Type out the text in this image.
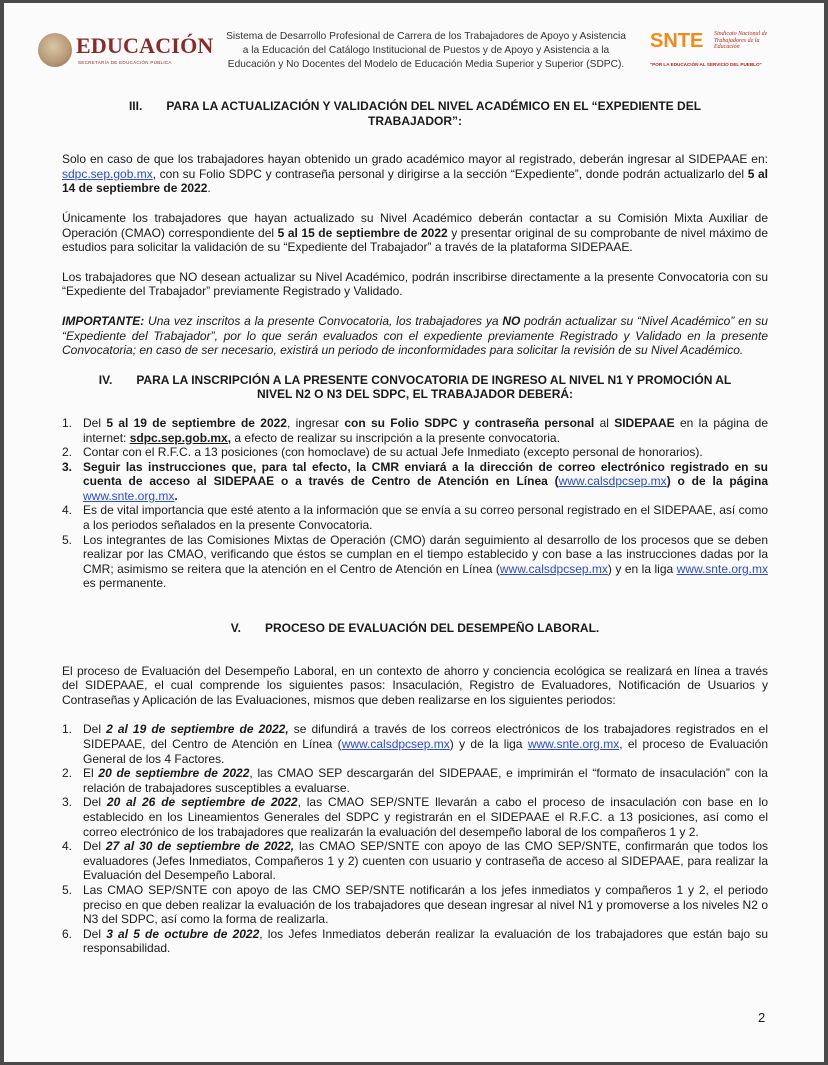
EDUCACIÓN
SECRETARÍA DE EDUCACIÓN PÚBLICA
Sistema de Desarrollo Profesional de Carrera de los Trabajadores de Apoyo y Asistencia
a la Educación del Catálogo Institucional de Puestos y de Apoyo y Asistencia a la
Educación y No Docentes del Modelo de Educación Media Superior y Superior (SDPC).
SNTE Sindicato Nacional de Trabajadores de la Educación
"POR LA EDUCACIÓN AL SERVICIO DEL PUEBLO"
III. PARA LA ACTUALIZACIÓN Y VALIDACIÓN DEL NIVEL ACADÉMICO EN EL “EXPEDIENTE DEL TRABAJADOR”:

Solo en caso de que los trabajadores hayan obtenido un grado académico mayor al registrado, deberán ingresar al SIDEPAAE en: sdpc.sep.gob.mx, con su Folio SDPC y contraseña personal y dirigirse a la sección “Expediente”, donde podrán actualizarlo del 5 al 14 de septiembre de 2022.

Únicamente los trabajadores que hayan actualizado su Nivel Académico deberán contactar a su Comisión Mixta Auxiliar de Operación (CMAO) correspondiente del 5 al 15 de septiembre de 2022 y presentar original de su comprobante de nivel máximo de estudios para solicitar la validación de su “Expediente del Trabajador” a través de la plataforma SIDEPAAE.

Los trabajadores que NO desean actualizar su Nivel Académico, podrán inscribirse directamente a la presente Convocatoria con su “Expediente del Trabajador” previamente Registrado y Validado.

IMPORTANTE: Una vez inscritos a la presente Convocatoria, los trabajadores ya NO podrán actualizar su “Nivel Académico” en su “Expediente del Trabajador”, por lo que serán evaluados con el expediente previamente Registrado y Validado en la presente Convocatoria; en caso de ser necesario, existirá un periodo de inconformidades para solicitar la revisión de su Nivel Académico.

IV. PARA LA INSCRIPCIÓN A LA PRESENTE CONVOCATORIA DE INGRESO AL NIVEL N1 Y PROMOCIÓN AL NIVEL N2 O N3 DEL SDPC, EL TRABAJADOR DEBERÁ:
1. Del 5 al 19 de septiembre de 2022, ingresar con su Folio SDPC y contraseña personal al SIDEPAAE en la página de internet: sdpc.sep.gob.mx, a efecto de realizar su inscripción a la presente convocatoria.
2. Contar con el R.F.C. a 13 posiciones (con homoclave) de su actual Jefe Inmediato (excepto personal de honorarios).
3. Seguir las instrucciones que, para tal efecto, la CMR enviará a la dirección de correo electrónico registrado en su cuenta de acceso al SIDEPAAE o a través de Centro de Atención en Línea (www.calsdpcsep.mx) o de la página www.snte.org.mx.
4. Es de vital importancia que esté atento a la información que se envía a su correo personal registrado en el SIDEPAAE, así como a los periodos señalados en la presente Convocatoria.
5. Los integrantes de las Comisiones Mixtas de Operación (CMO) darán seguimiento al desarrollo de los procesos que se deben realizar por las CMAO, verificando que éstos se cumplan en el tiempo establecido y con base a las instrucciones dadas por la CMR; asimismo se reitera que la atención en el Centro de Atención en Línea (www.calsdpcsep.mx) y en la liga www.snte.org.mx es permanente.
V. PROCESO DE EVALUACIÓN DEL DESEMPEÑO LABORAL.

El proceso de Evaluación del Desempeño Laboral, en un contexto de ahorro y conciencia ecológica se realizará en línea a través del SIDEPAAE, el cual comprende los siguientes pasos: Insaculación, Registro de Evaluadores, Notificación de Usuarios y Contraseñas y Aplicación de las Evaluaciones, mismos que deben realizarse en los siguientes periodos:

1. Del 2 al 19 de septiembre de 2022, se difundirá a través de los correos electrónicos de los trabajadores registrados en el SIDEPAAE, del Centro de Atención en Línea (www.calsdpcsep.mx) y de la liga www.snte.org.mx, el proceso de Evaluación General de los 4 Factores.
2. El 20 de septiembre de 2022, las CMAO SEP descargarán del SIDEPAAE, e imprimirán el “formato de insaculación” con la relación de trabajadores susceptibles a evaluarse.
3. Del 20 al 26 de septiembre de 2022, las CMAO SEP/SNTE llevarán a cabo el proceso de insaculación con base en lo establecido en los Lineamientos Generales del SDPC y registrarán en el SIDEPAAE el R.F.C. a 13 posiciones, así como el correo electrónico de los trabajadores que realizarán la evaluación del desempeño laboral de los compañeros 1 y 2.
4. Del 27 al 30 de septiembre de 2022, las CMAO SEP/SNTE con apoyo de las CMO SEP/SNTE, confirmarán que todos los evaluadores (Jefes Inmediatos, Compañeros 1 y 2) cuenten con usuario y contraseña de acceso al SIDEPAAE, para realizar la Evaluación del Desempeño Laboral.
5. Las CMAO SEP/SNTE con apoyo de las CMO SEP/SNTE notificarán a los jefes inmediatos y compañeros 1 y 2, el periodo preciso en que deben realizar la evaluación de los trabajadores que desean ingresar al nivel N1 y promoverse a los niveles N2 o N3 del SDPC, así como la forma de realizarla.
6. Del 3 al 5 de octubre de 2022, los Jefes Inmediatos deberán realizar la evaluación de los trabajadores que están bajo su responsabilidad.
2
